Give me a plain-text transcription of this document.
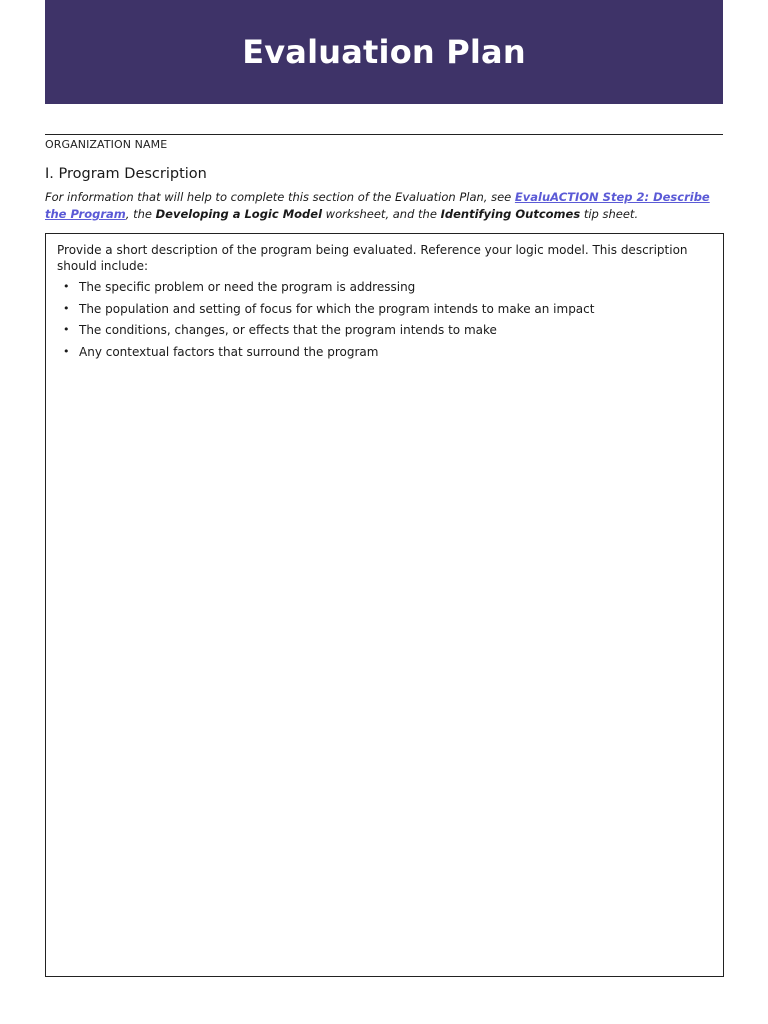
Evaluation Plan
ORGANIZATION NAME
I. Program Description

For information that will help to complete this section of the Evaluation Plan, see EvaluACTION Step 2: Describe the Program, the Developing a Logic Model worksheet, and the Identifying Outcomes tip sheet.

Provide a short description of the program being evaluated. Reference your logic model. This description should include:
• The specific problem or need the program is addressing
• The population and setting of focus for which the program intends to make an impact
• The conditions, changes, or effects that the program intends to make
• Any contextual factors that surround the program
